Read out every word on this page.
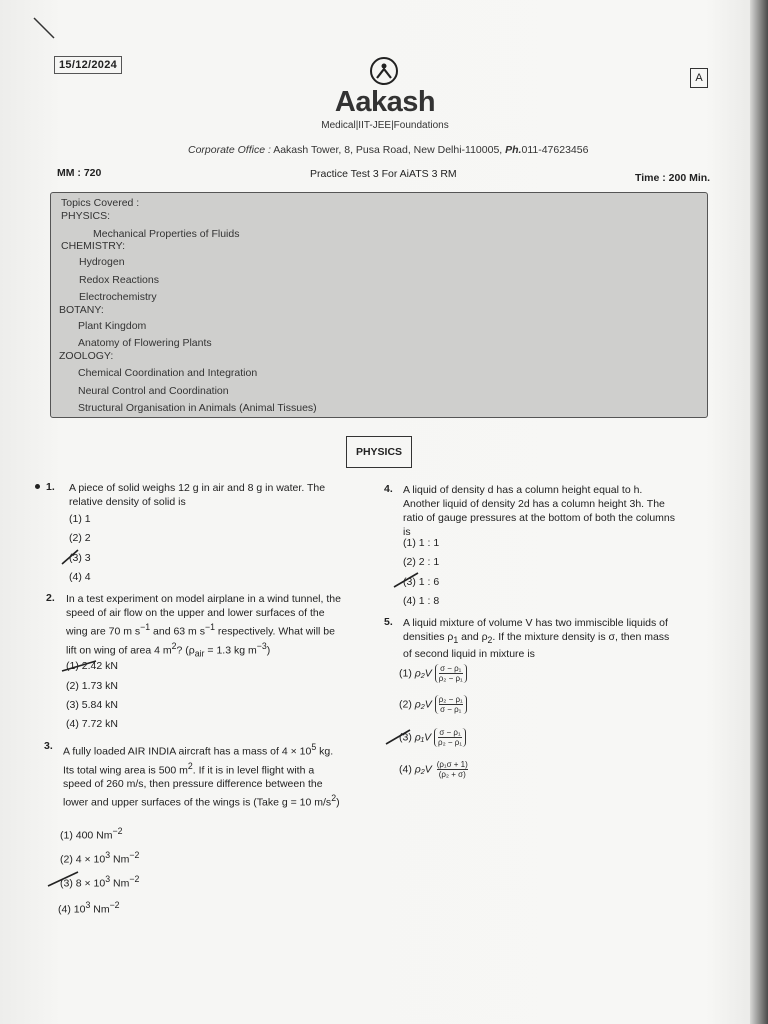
15/12/2024
A
Aakash
Medical|IIT-JEE|Foundations
Corporate Office : Aakash Tower, 8, Pusa Road, New Delhi-110005, Ph.011-47623456
MM : 720	Practice Test 3 For AiATS 3 RM	Time : 200 Min.
Topics Covered :
PHYSICS:
Mechanical Properties of Fluids
CHEMISTRY:
Hydrogen
Redox Reactions
Electrochemistry
BOTANY:
Plant Kingdom
Anatomy of Flowering Plants
ZOOLOGY:
Chemical Coordination and Integration
Neural Control and Coordination
Structural Organisation in Animals (Animal Tissues)
PHYSICS
1. A piece of solid weighs 12 g in air and 8 g in water. The relative density of solid is
(1) 1
(2) 2
(3) 3
(4) 4
2. In a test experiment on model airplane in a wind tunnel, the speed of air flow on the upper and lower surfaces of the wing are 70 m $s^{-1}$ and 63 m $s^{-1}$ respectively. What will be lift on wing of area 4 $m^2$? ($\rho_{air} = 1.3$ kg $m^{-3}$)
(1) 2.42 kN
(2) 1.73 kN
(3) 5.84 kN
(4) 7.72 kN
3. A fully loaded AIR INDIA aircraft has a mass of $4 \times 10^5$ kg. Its total wing area is 500 $m^2$. If it is in level flight with a speed of 260 m/s, then pressure difference between the lower and upper surfaces of the wings is (Take g = 10 $m/s^2$)
(1) 400 $Nm^{-2}$
(2) $4 \times 10^3$ $Nm^{-2}$
(3) $8 \times 10^3$ $Nm^{-2}$
(4) $10^3$ $Nm^{-2}$
4. A liquid of density d has a column height equal to h. Another liquid of density 2d has a column height 3h. The ratio of gauge pressures at the bottom of both the columns is
(1) 1 : 1
(2) 2 : 1
(3) 1 : 6
(4) 1 : 8
5. A liquid mixture of volume V has two immiscible liquids of densities $\rho_1$ and $\rho_2$. If the mixture density is σ, then mass of second liquid in mixture is
(1) $\rho_2V \frac{\text{σ − ρ₁}}{\text{ρ₂ − ρ₁}}$
(2) $\rho_2V \frac{\text{ρ₂ − ρ₁}}{\text{σ − ρ₁}}$
(3) $\rho_1V \frac{\text{σ − ρ₁}}{\text{ρ₂ − ρ₁}}$
(4) $\rho_2V \frac{\text{(ρ₁σ + 1)}}{\text{(ρ₂ + σ)}}$
